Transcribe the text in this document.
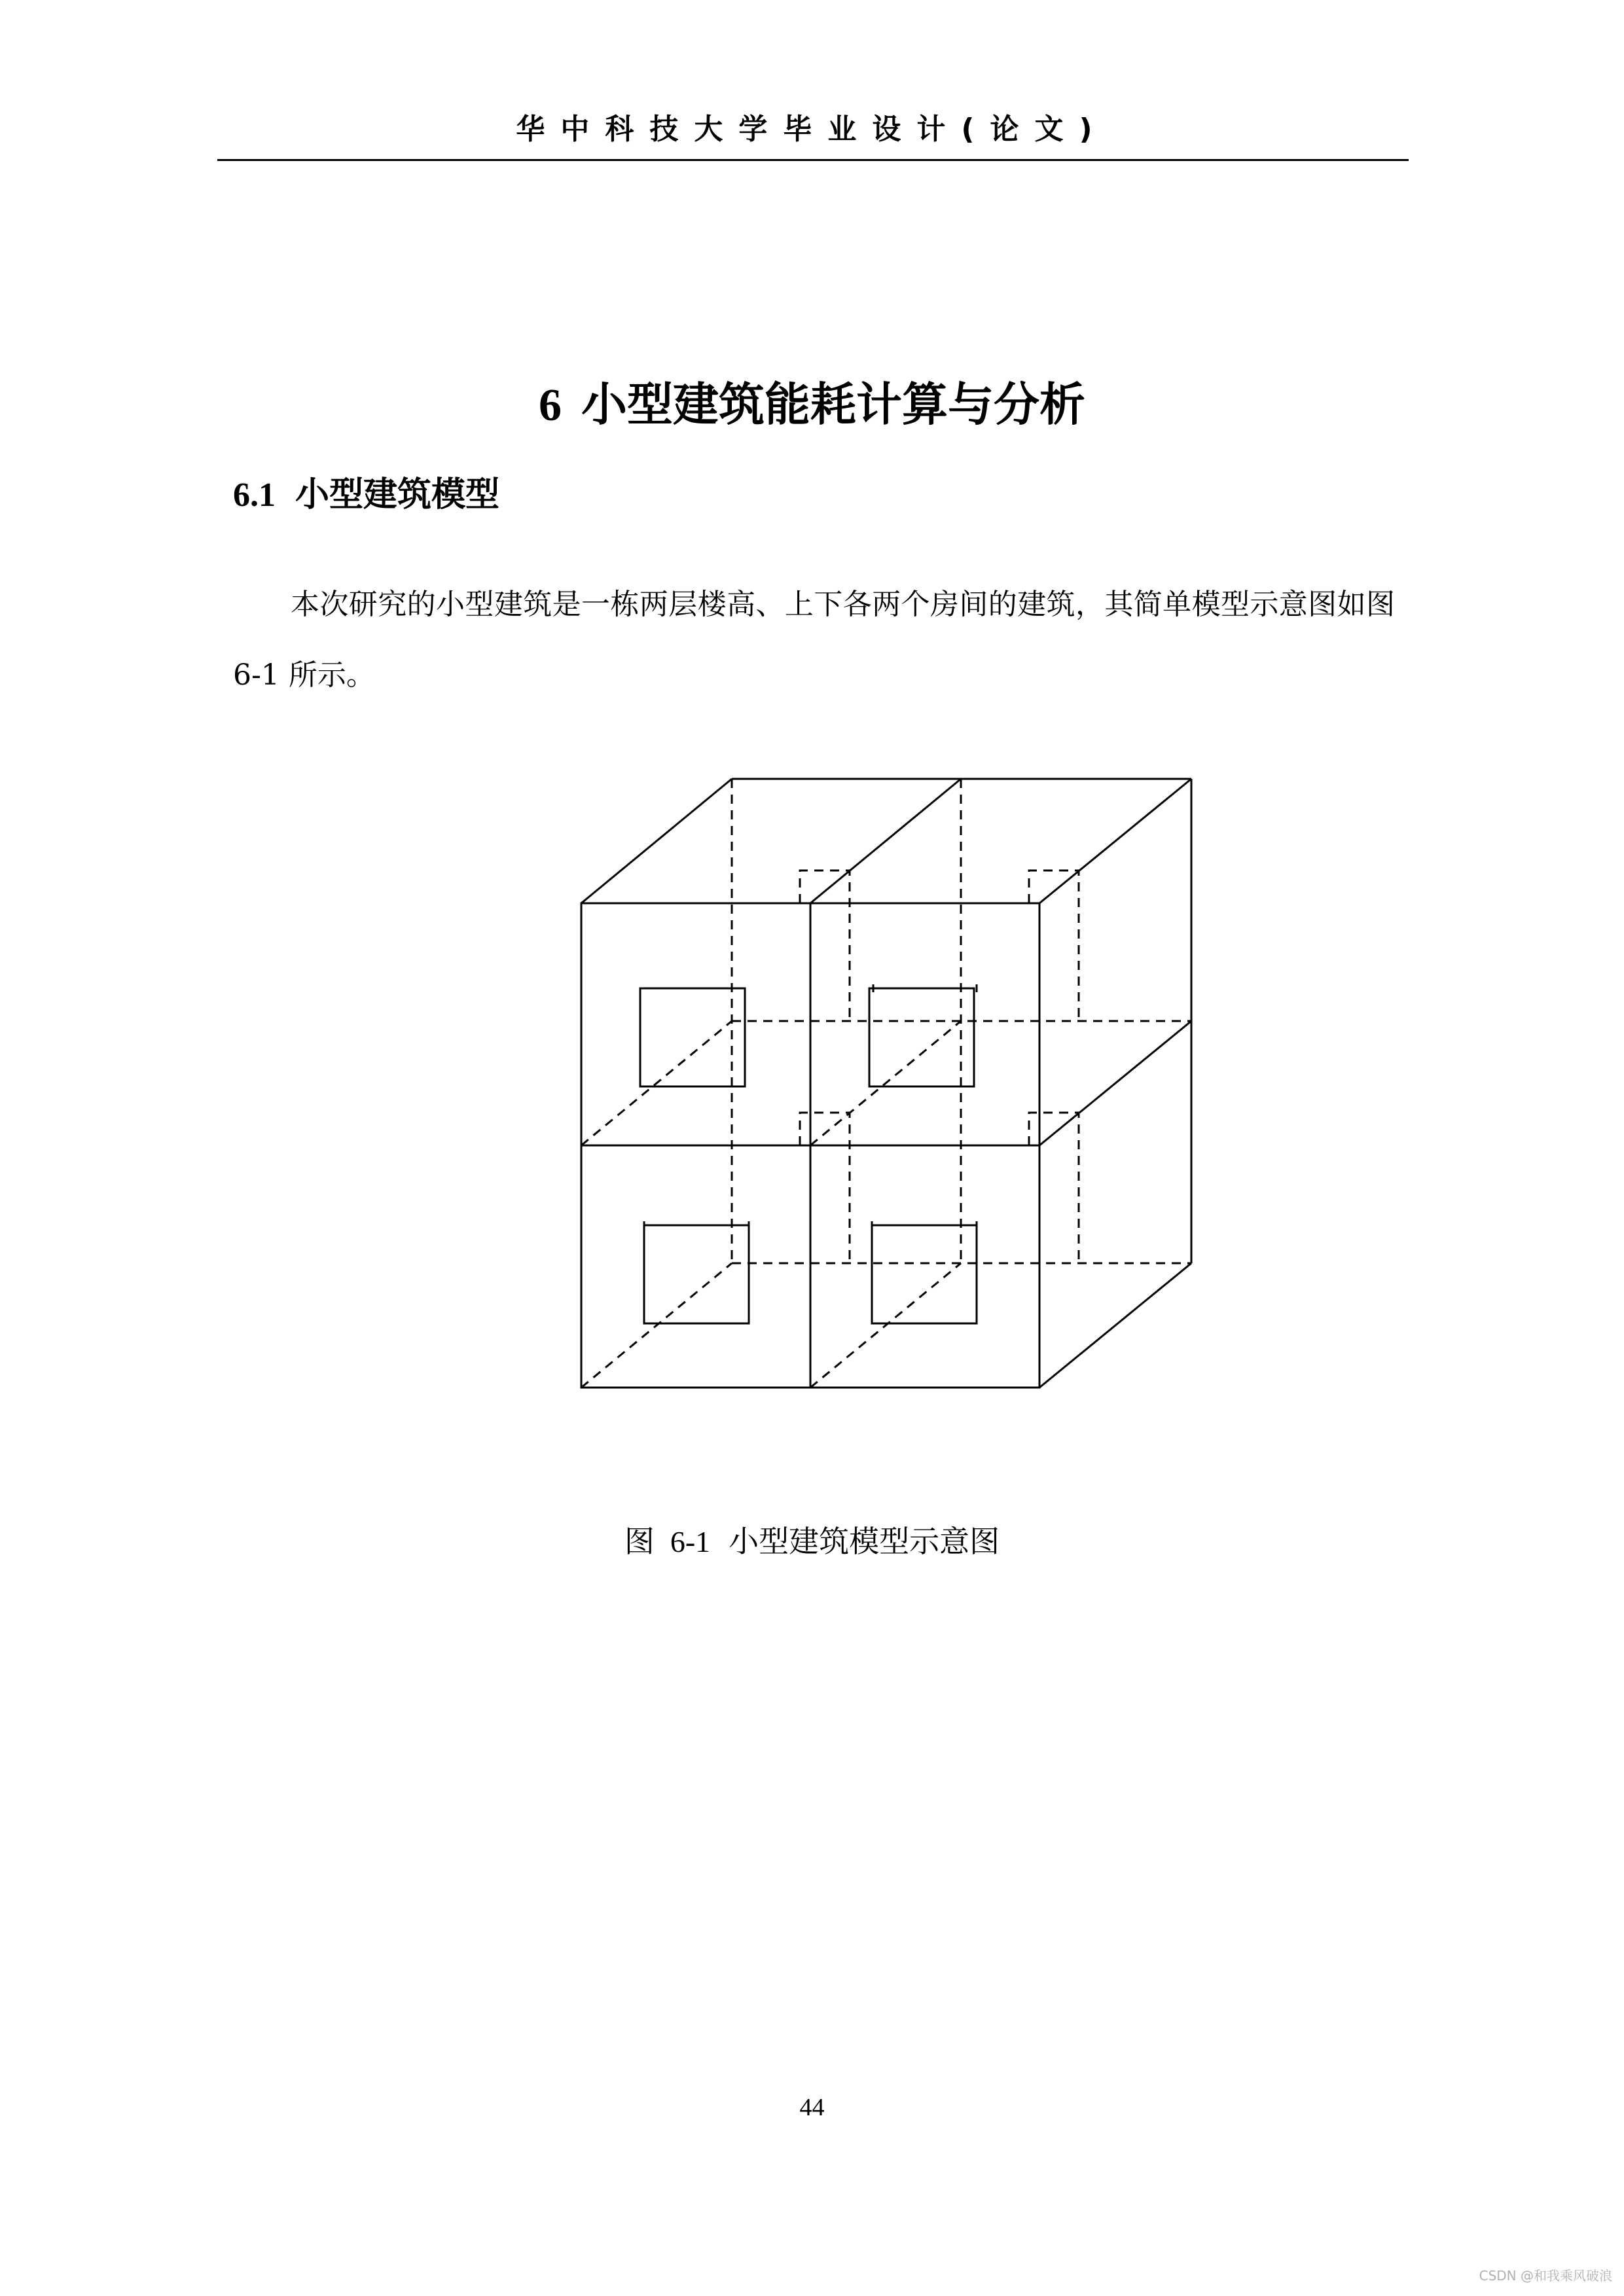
华中科技大学毕业设计(论文)
6 小型建筑能耗计算与分析
6.1 小型建筑模型

本次研究的小型建筑是一栋两层楼高、上下各两个房间的建筑，其简单模型示意图如图 6-1 所示。

图 6-1 小型建筑模型示意图
44
CSDN @和我乘风破浪
